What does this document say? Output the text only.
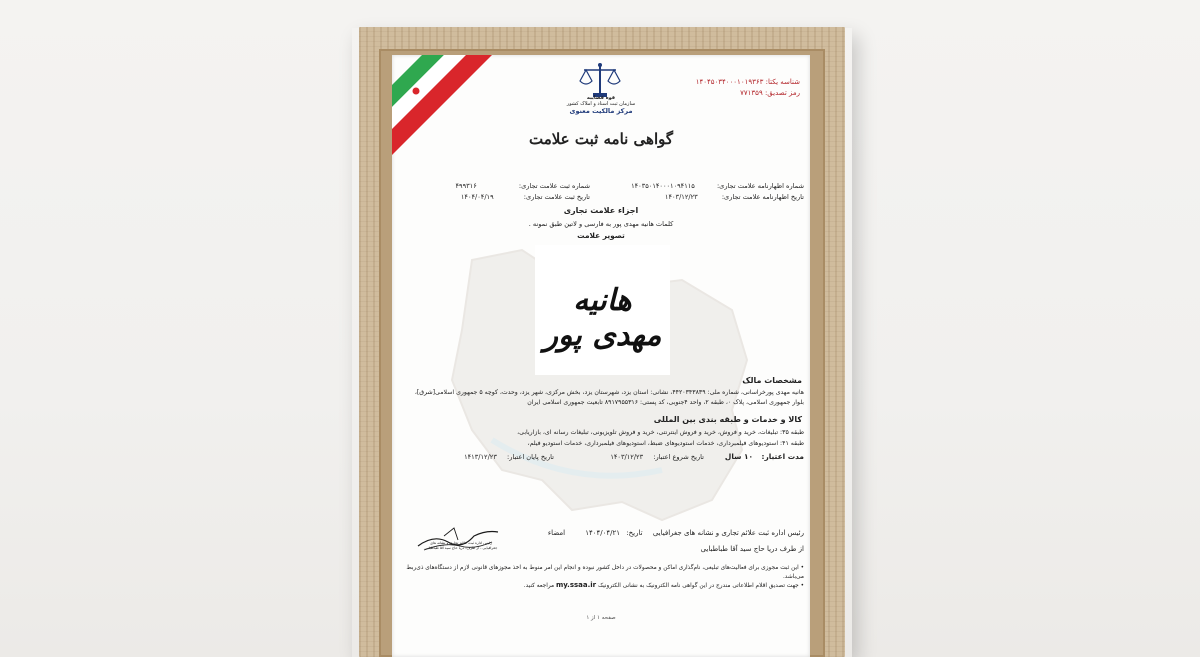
قوه قضاییه
سازمان ثبت اسناد و املاک کشور
مرکز مالکیت معنوی
شناسه یکتا: ۱۴۰۴۵۰۳۴۰۰۰۱۰۱۹۳۶۳
رمز تصدیق: ۷۷۱۳۵۹
گواهی نامه ثبت علامت
شماره اظهارنامه علامت تجاری: ۱۴۰۳۵۰۱۴۰۰۰۱۰۹۴۱۱۵
تاریخ اظهارنامه علامت تجاری: ۱۴۰۳/۱۲/۲۳
شماره ثبت علامت تجاری: ۴۹۹۳۱۶
تاریخ ثبت علامت تجاری: ۱۴۰۴/۰۴/۱۹
اجزاء علامت تجاری
کلمات هانیه مهدی پور به فارسی و لاتین طبق نمونه .
تصویر علامت
هانیه مهدی پور
مشخصات مالک
هانیه مهدی پورخراسانی، شماره ملی: ۴۴۲۰۳۴۳۸۳۹، نشانی: استان یزد، شهرستان یزد، بخش مرکزی، شهر یزد، وحدت، کوچه ۵ جمهوری اسلامی[شرق]،
بلوار جمهوری اسلامی، پلاک ۰، طبقه ۲، واحد ۴جنوبی، کد پستی: ۸۹۱۷۹۵۵۳۱۶ تابعیت جمهوری اسلامی ایران
کالا و خدمات و طبقه بندی بین المللی
طبقه ۳۵: تبلیغات، خرید و فروش، خرید و فروش اینترنتی، خرید و فروش تلویزیونی، تبلیغات رسانه ای، بازاریابی،
طبقه ۴۱: استودیوهای فیلمبرداری، خدمات استودیوهای ضبط، استودیوهای فیلمبرداری، خدمات استودیو فیلم،
مدت اعتبار: ۱۰ سال
تاریخ شروع اعتبار: ۱۴۰۳/۱۲/۲۳
تاریخ پایان اعتبار: ۱۴۱۳/۱۲/۲۳
رئیس اداره ثبت علائم تجاری و نشانه های جغرافیایی تاریخ: ۱۴۰۴/۰۴/۲۱ امضاء
از طرف دریا حاج سید آقا طباطبایی
رئیس اداره ثبت علائم تجاری و نشانه های جغرافیایی - از طرف: دریا حاج سید آقا طباطبایی
• این ثبت مجوزی برای فعالیت‌های تبلیغی، نام‌گذاری اماکن و محصولات در داخل کشور نبوده و انجام این امر منوط به اخذ مجوزهای قانونی لازم از دستگاه‌های ذی‌ربط می‌باشد.
• جهت تصدیق اقلام اطلاعاتی مندرج در این گواهی نامه الکترونیک به نشانی الکترونیک my.ssaa.ir مراجعه کنید.
صفحه ۱ از ۱
